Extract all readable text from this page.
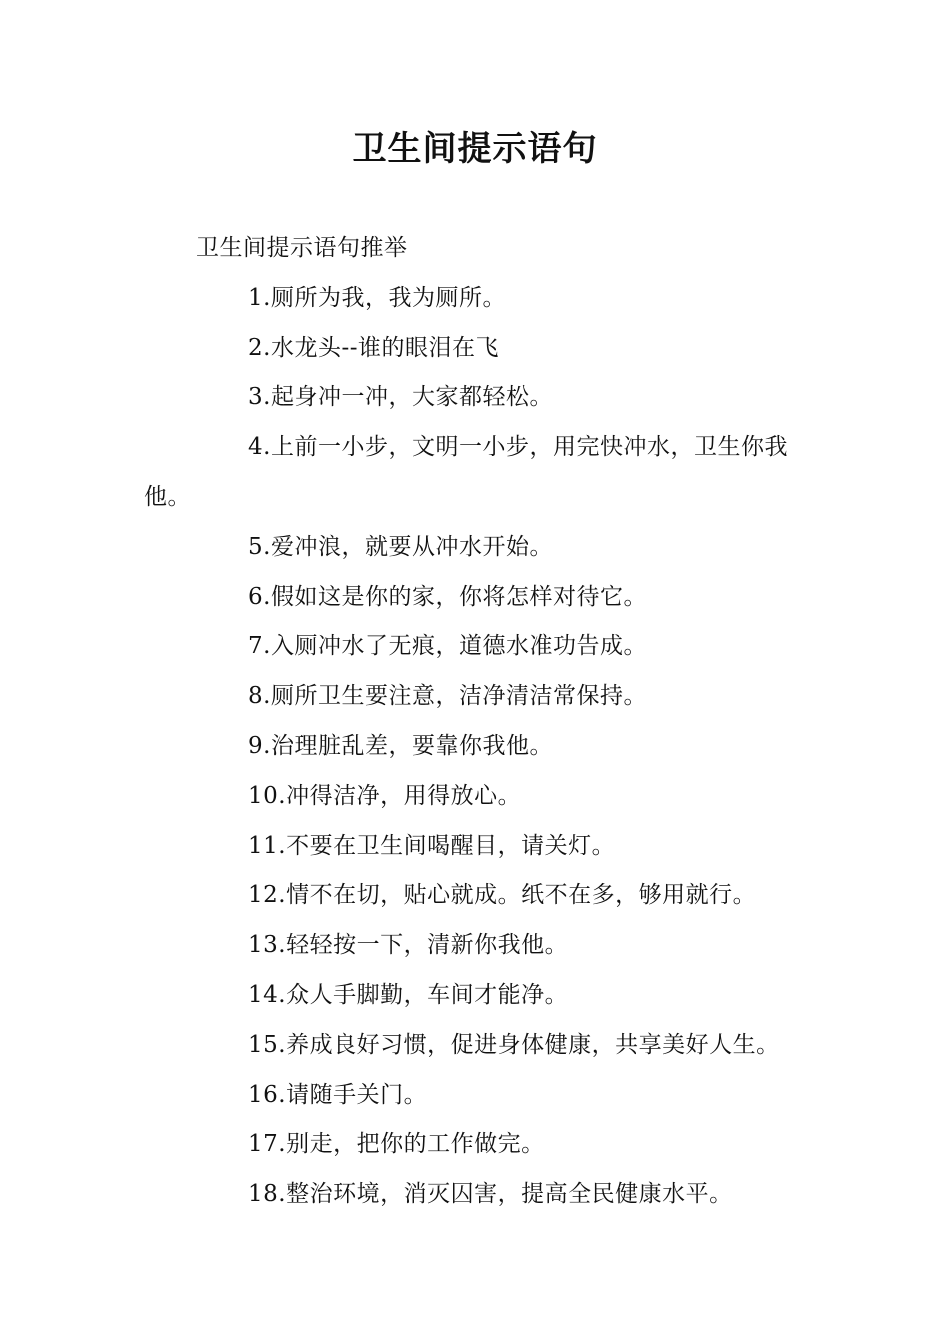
卫生间提示语句

卫生间提示语句推举

1.厕所为我，我为厕所。

2.水龙头--谁的眼泪在飞

3.起身冲一冲，大家都轻松。

4.上前一小步，文明一小步，用完快冲水，卫生你我他。

5.爱冲浪，就要从冲水开始。

6.假如这是你的家，你将怎样对待它。

7.入厕冲水了无痕，道德水准功告成。

8.厕所卫生要注意，洁净清洁常保持。

9.治理脏乱差，要靠你我他。

10.冲得洁净，用得放心。

11.不要在卫生间喝醒目，请关灯。

12.情不在切，贴心就成。纸不在多，够用就行。

13.轻轻按一下，清新你我他。

14.众人手脚勤，车间才能净。

15.养成良好习惯，促进身体健康，共享美好人生。

16.请随手关门。

17.别走，把你的工作做完。

18.整治环境，消灭囚害，提高全民健康水平。
